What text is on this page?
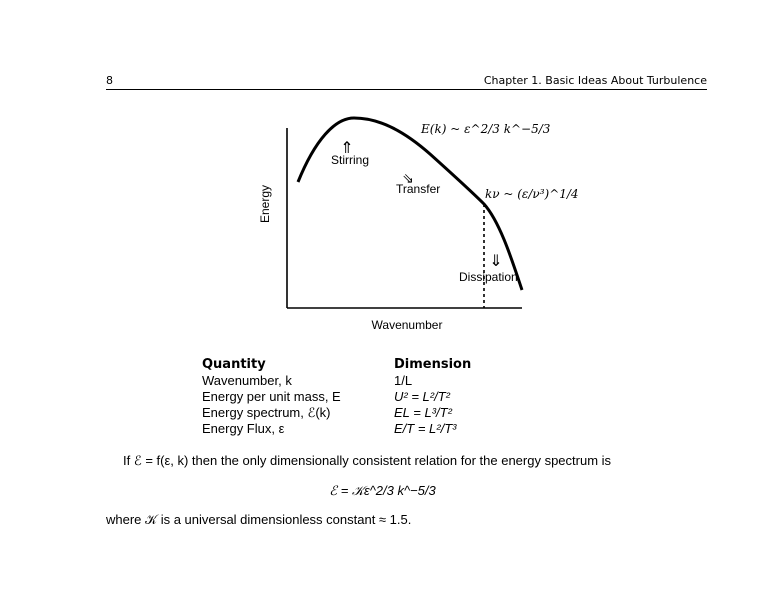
8	Chapter 1. Basic Ideas About Turbulence
Wavenumber
Energy
⇑
Stirring
⇘
Transfer
⇓
Dissipation
E(k) ~ ε^2/3 k^−5/3
kν ~ (ε/ν³)^1/4
Quantity
Wavenumber, k
Energy per unit mass, E
Energy spectrum, ℰ(k)
Energy Flux, ε
Dimension
1/L
U² = L²/T²
EL = L³/T²
E/T = L²/T³
If ℰ = f(ε, k) then the only dimensionally consistent relation for the energy spectrum is
ℰ = 𝒦ε^2/3 k^−5/3
where 𝒦 is a universal dimensionless constant ≈ 1.5.
